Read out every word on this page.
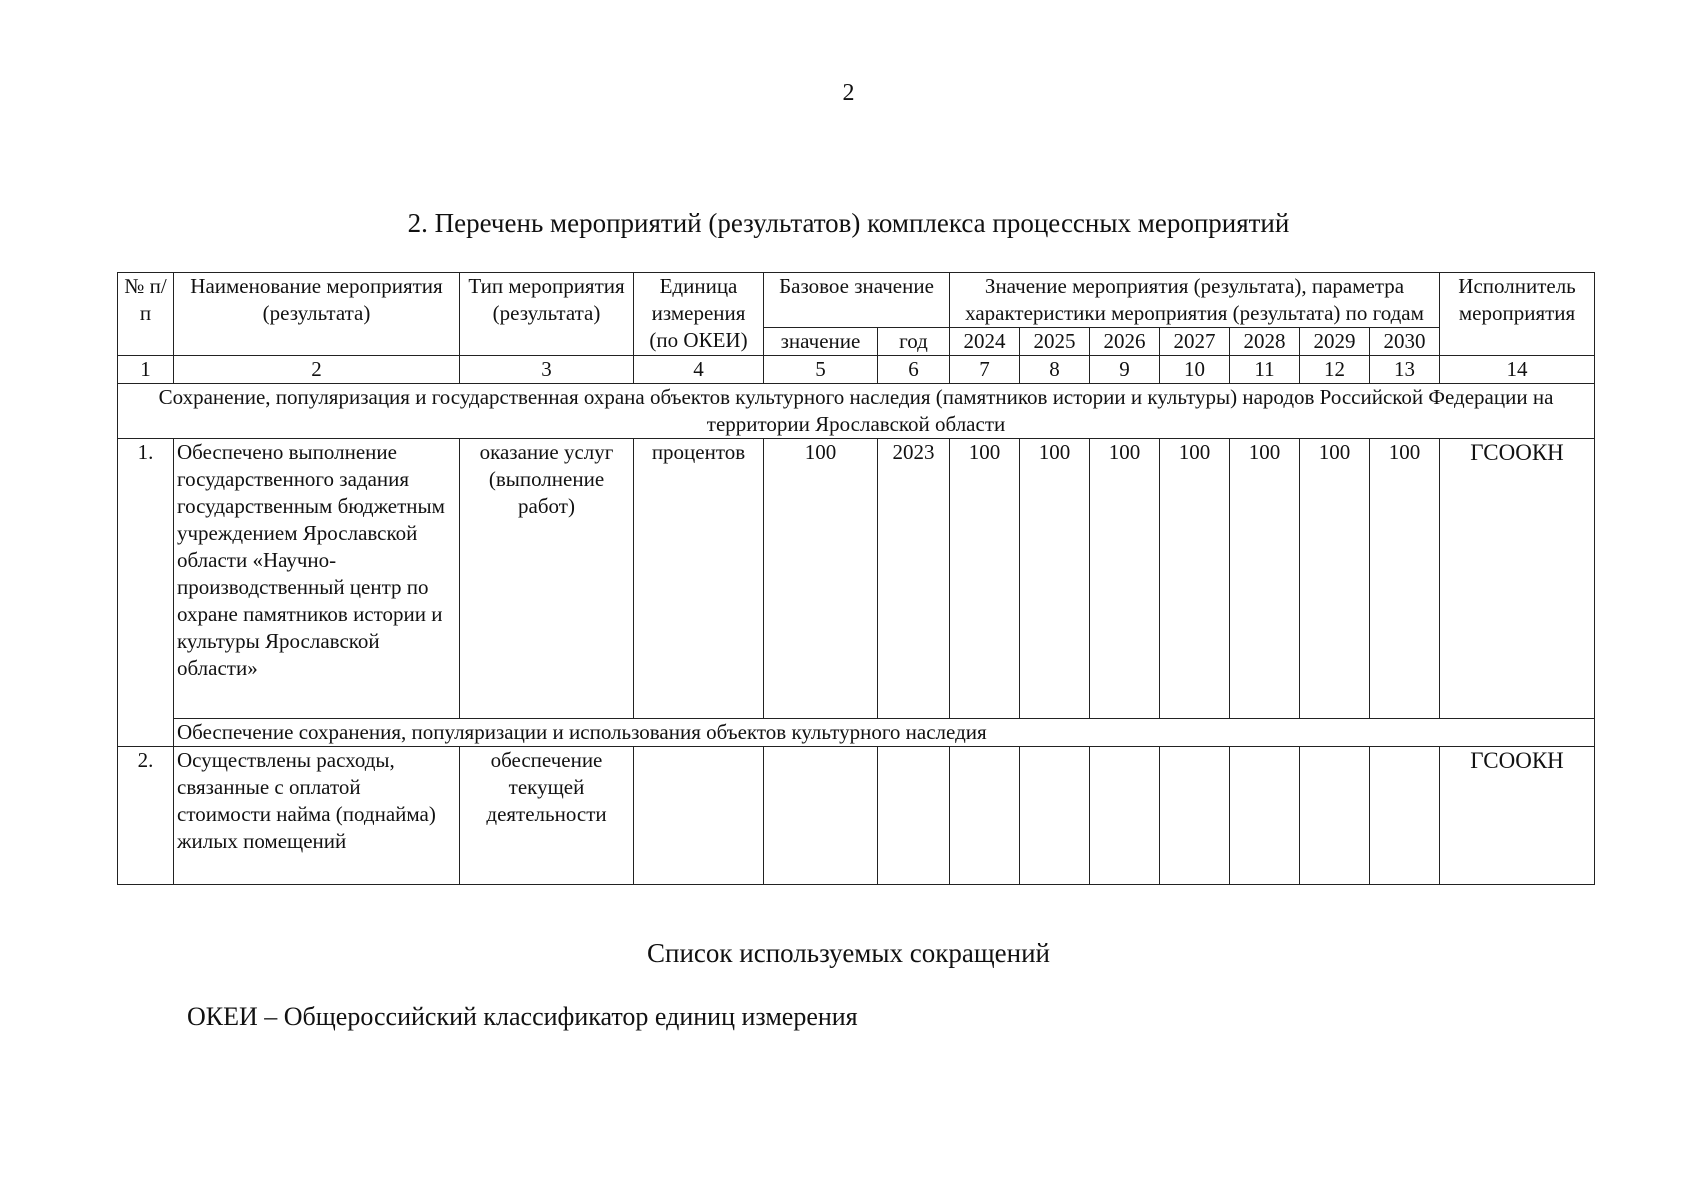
2
2. Перечень мероприятий (результатов) комплекса процессных мероприятий
№ п/п	Наименование мероприятия (результата)	Тип мероприятия (результата)	Единица измерения (по ОКЕИ)	Базовое значение		Значение мероприятия (результата), параметра характеристики мероприятия (результата) по годам							Исполнитель мероприятия
				значение	год	2024	2025	2026	2027	2028	2029	2030	
1	2	3	4	5	6	7	8	9	10	11	12	13	14
Сохранение, популяризация и государственная охрана объектов культурного наследия (памятников истории и культуры) народов Российской Федерации на территории Ярославской области													
1.	Обеспечено выполнение государственного задания государственным бюджетным учреждением Ярославской области «Научно-производственный центр по охране памятников истории и культуры Ярославской области»	оказание услуг (выполнение работ)	процентов	100	2023	100	100	100	100	100	100	100	ГСООКН
	Обеспечение сохранения, популяризации и использования объектов культурного наследия												
2.	Осуществлены расходы, связанные с оплатой стоимости найма (поднайма) жилых помещений	обеспечение текущей деятельности											ГСООКН
Список используемых сокращений
ОКЕИ – Общероссийский классификатор единиц измерения
